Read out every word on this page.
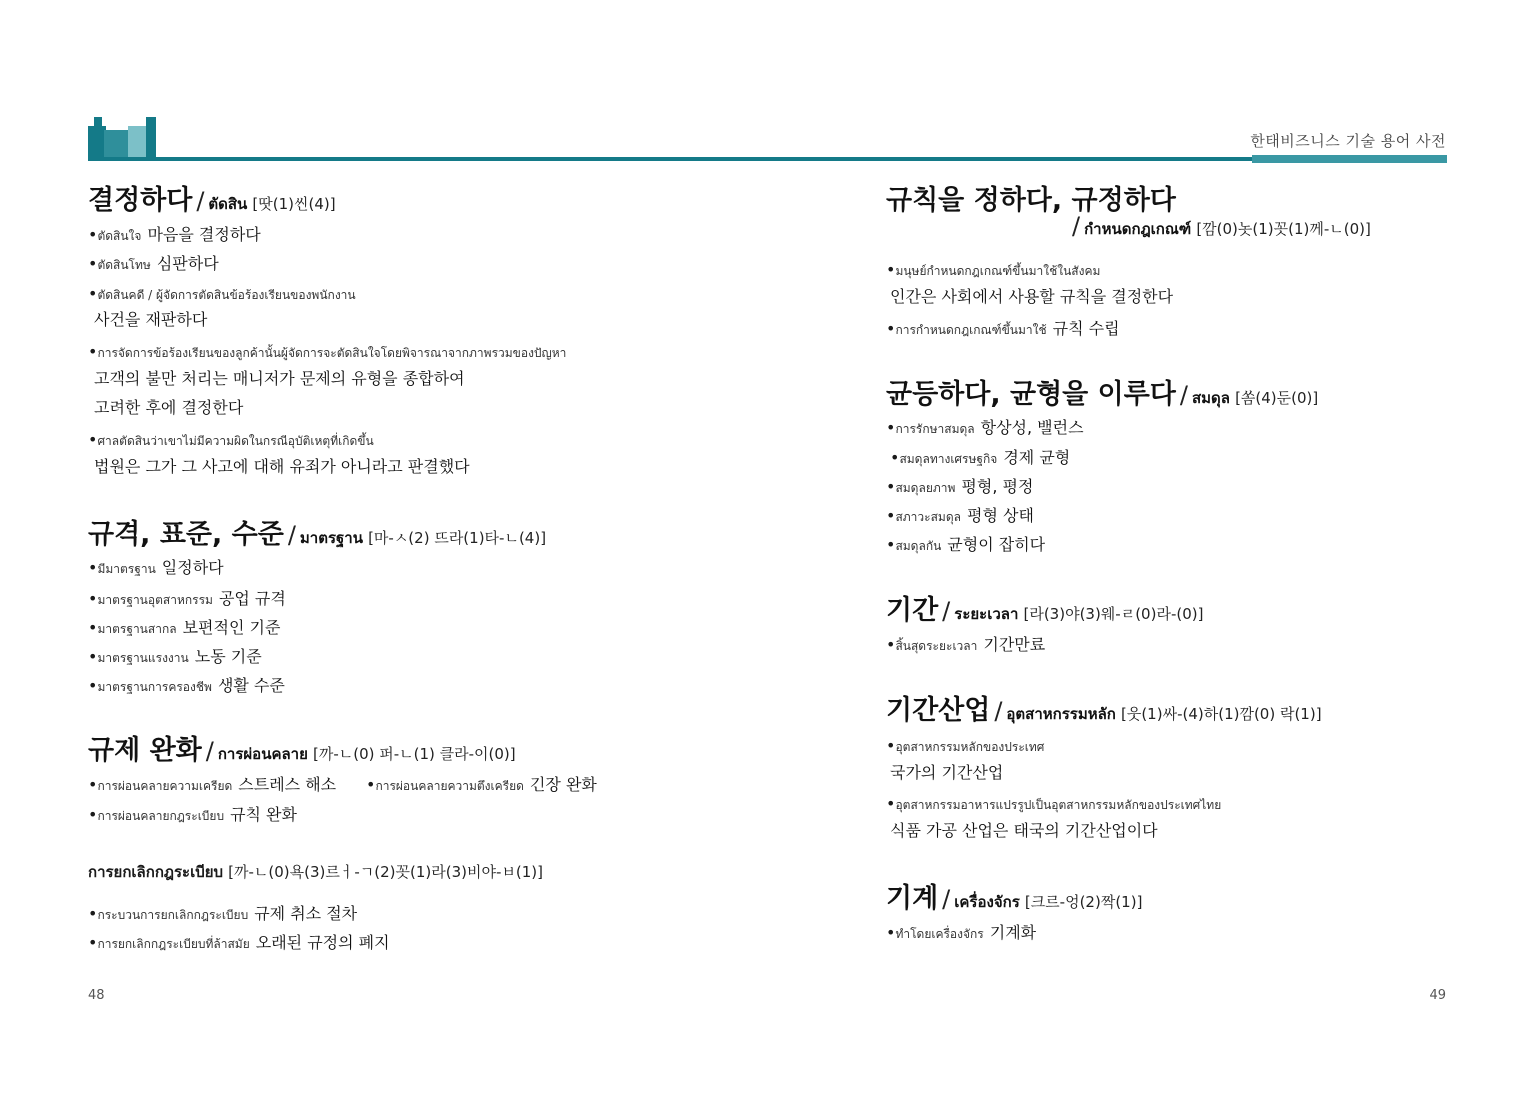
한태비즈니스 기술 용어 사전
결정하다 / ตัดสิน [땃(1)씬(4)]
•ตัดสินใจ 마음을 결정하다
•ตัดสินโทษ 심판하다
•ตัดสินคดี / ผู้จัดการตัดสินข้อร้องเรียนของพนักงาน
사건을 재판하다
•การจัดการข้อร้องเรียนของลูกค้านั้นผู้จัดการจะตัดสินใจโดยพิจารณาจากภาพรวมของปัญหา
고객의 불만 처리는 매니저가 문제의 유형을 종합하여
고려한 후에 결정한다
•ศาลตัดสินว่าเขาไม่มีความผิดในกรณีอุบัติเหตุที่เกิดขึ้น
법원은 그가 그 사고에 대해 유죄가 아니라고 판결했다
규격, 표준, 수준 / มาตรฐาน [마-ㅅ(2) 뜨라(1)타-ㄴ(4)]
•มีมาตรฐาน 일정하다
•มาตรฐานอุตสาหกรรม 공업 규격
•มาตรฐานสากล 보편적인 기준
•มาตรฐานแรงงาน 노동 기준
•มาตรฐานการครองชีพ 생활 수준
규제 완화 / การผ่อนคลาย [까-ㄴ(0) 퍼-ㄴ(1) 클라-이(0)]
•การผ่อนคลายความเครียด 스트레스 해소 •การผ่อนคลายความตึงเครียด 긴장 완화
•การผ่อนคลายกฎระเบียบ 규칙 완화
การยกเลิกกฎระเบียบ [까-ㄴ(0)욕(3)르ㅓ-ㄱ(2)꼿(1)라(3)비야-ㅂ(1)]
•กระบวนการยกเลิกกฎระเบียบ 규제 취소 절차
•การยกเลิกกฎระเบียบที่ล้าสมัย 오래된 규정의 폐지
규칙을 정하다, 규정하다
/ กำหนดกฎเกณฑ์ [깜(0)놋(1)꼿(1)께-ㄴ(0)]
•มนุษย์กำหนดกฎเกณฑ์ขึ้นมาใช้ในสังคม
인간은 사회에서 사용할 규칙을 결정한다
•การกำหนดกฎเกณฑ์ขึ้นมาใช้ 규칙 수립
균등하다, 균형을 이루다 / สมดุล [쏨(4)둔(0)]
•การรักษาสมดุล 항상성, 밸런스
•สมดุลทางเศรษฐกิจ 경제 균형
•สมดุลยภาพ 평형, 평정
•สภาวะสมดุล 평형 상태
•สมดุลกัน 균형이 잡히다
기간 / ระยะเวลา [라(3)야(3)웨-ㄹ(0)라-(0)]
•สิ้นสุดระยะเวลา 기간만료
기간산업 / อุตสาหกรรมหลัก [웃(1)싸-(4)하(1)깜(0) 락(1)]
•อุตสาหกรรมหลักของประเทศ
국가의 기간산업
•อุตสาหกรรมอาหารแปรรูปเป็นอุตสาหกรรมหลักของประเทศไทย
식품 가공 산업은 태국의 기간산업이다
기계 / เครื่องจักร [크르-엉(2)짝(1)]
•ทำโดยเครื่องจักร 기계화
48	49
